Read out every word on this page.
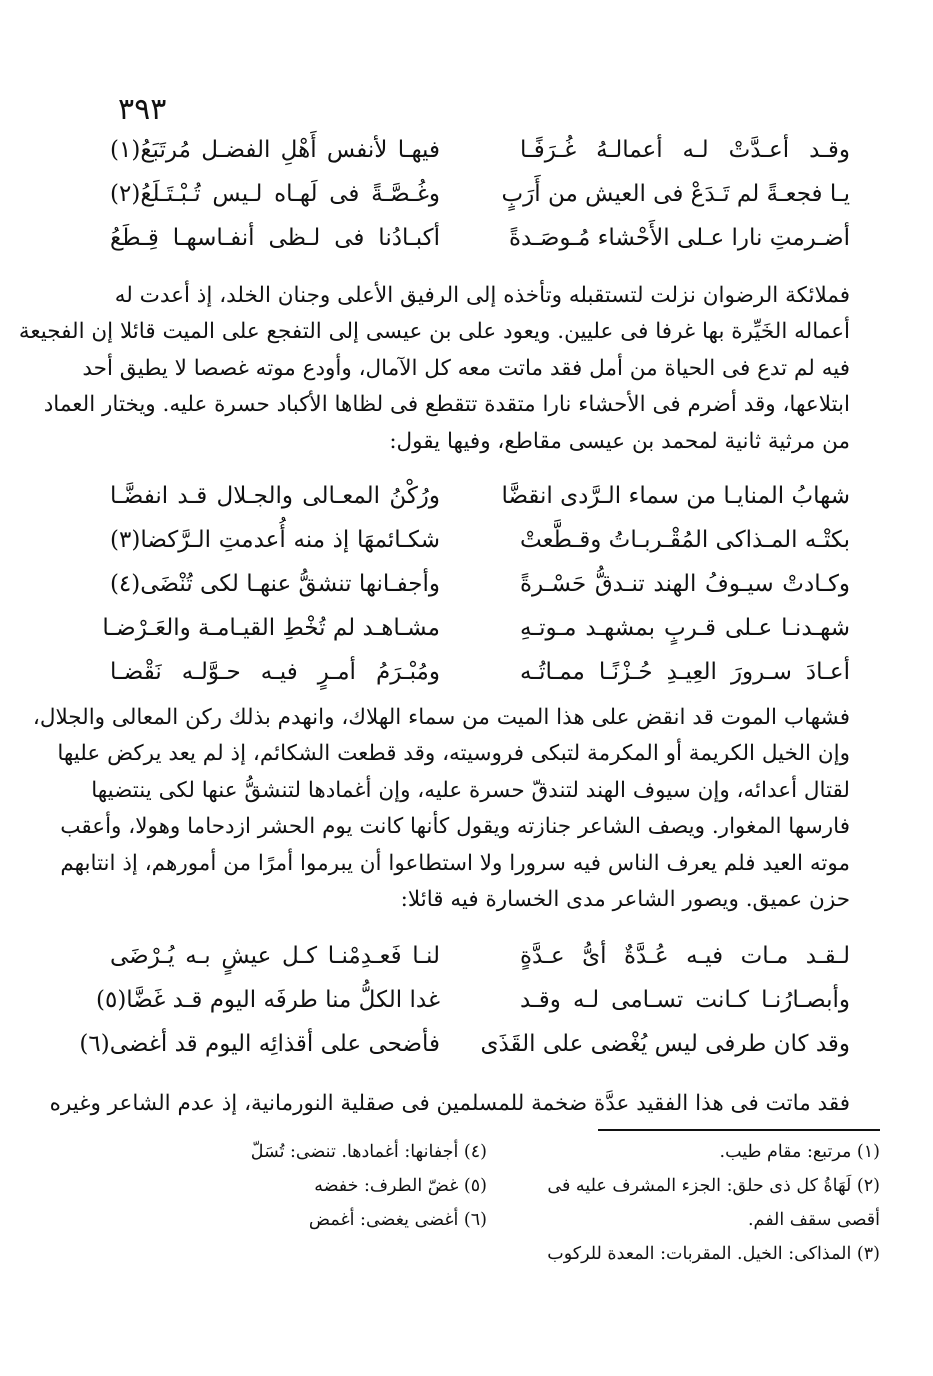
٣٩٣
وقـد أعـدَّتْ لـه أعمالـهُ غُـرَفًـا
فيهـا لأنفس أَهْلِ الفضـل مُرتَبَعُ(١)
يـا فجعـةً لم تَـدَعْ فى العيش من أَرَبٍ
وغُـصَّـةً فى لَهـاه لـيس تُـبْـتَـلَعُ(٢)
أضـرمتِ نارا عـلى الأَحْشاء مُـوصَـدةً
أكبـادُنا فى لـظى أنفـاسهـا قِـطَعُ
فملائكة الرضوان نزلت لتستقبله وتأخذه إلى الرفيق الأعلى وجنان الخلد، إذ أعدت له
أعماله الخَيِّرة بها غرفا فى عليين. ويعود على بن عيسى إلى التفجع على الميت قائلا إن الفجيعة
فيه لم تدع فى الحياة من أمل فقد ماتت معه كل الآمال، وأودع موته غصصا لا يطيق أحد
ابتلاعها، وقد أضرم فى الأحشاء نارا متقدة تتقطع فى لظاها الأكباد حسرة عليه. ويختار العماد
من مرثية ثانية لمحمد بن عيسى مقاطع، وفيها يقول:
شهابُ المنايـا من سماء الـرَّدى انقضَّا
ورُكْنُ المعـالى والجـلال قـد انفضَّـا
بكتْـه المـذاكى المُقْـربـاتُ وقـطَّعتْ
شكـائمهَا إذ منه أُعدمتِ الـرَّكضا(٣)
وكـادتْ سيـوفُ الهند تنـدقُّ حَسْـرةً
وأجفـانها تنشقُّ عنهـا لكى تُنْضَى(٤)
شهـدنـا عـلى قـربٍ بمشهـد مـوتـهِ
مشـاهـد لم تُخْطِ القيـامـة والعَـرْضـا
أعـادَ سـرورَ العِيـدِ حُـزْنًـا ممـاتُـه
ومُبْـرَمُ أمـرٍ فيـه حـوَّلـه نَقْضـا
فشهاب الموت قد انقض على هذا الميت من سماء الهلاك، وانهدم بذلك ركن المعالى والجلال،
وإن الخيل الكريمة أو المكرمة لتبكى فروسيته، وقد قطعت الشكائم، إذ لم يعد يركض عليها
لقتال أعدائه، وإن سيوف الهند لتندقّ حسرة عليه، وإن أغمادها لتنشقُّ عنها لكى ينتضيها
فارسها المغوار. ويصف الشاعر جنازته ويقول كأنها كانت يوم الحشر ازدحاما وهولا، وأعقب
موته العيد فلم يعرف الناس فيه سرورا ولا استطاعوا أن يبرموا أمرًا من أمورهم، إذ انتابهم
حزن عميق. ويصور الشاعر مدى الخسارة فيه قائلا:
لـقـد مـات فيـه عُـدَّةٌ أىُّ عـدَّةٍ
لنـا فَعـدِمْنـا كـل عيشٍ بـه يُـرْضَى
وأبصـارُنـا كـانت تسـامى لـه وقـد
غدا الكلُّ منا طرفَه اليوم قـد غَضَّا(٥)
وقد كان طرفى ليس يُغْضى على القَذَى
فأضحى على أقذائِه اليوم قد أغضى(٦)
فقد ماتت فى هذا الفقيد عدَّة ضخمة للمسلمين فى صقلية النورمانية، إذ عدم الشاعر وغيره
(١) مرتبع: مقام طيب.
(٢) لَهَاةُ كل ذى حلق: الجزء المشرف عليه فى
أقصى سقف الفم.
(٣) المذاكى: الخيل. المقربات: المعدة للركوب
(٤) أجفانها: أغمادها. تنضى: تُسَلّ
(٥) غضّ الطرف: خفضه
(٦) أغضى يغضى: أغمض
